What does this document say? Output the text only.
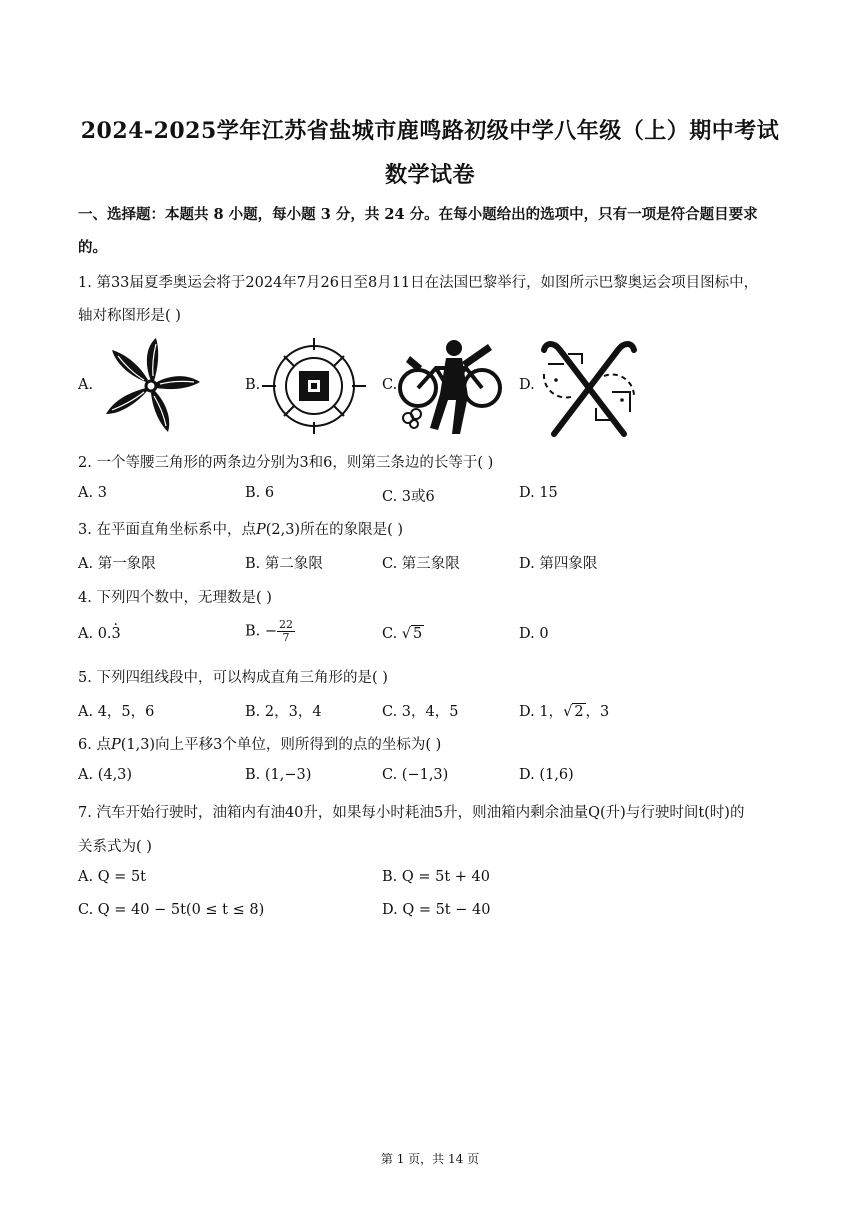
2024-2025学年江苏省盐城市鹿鸣路初级中学八年级（上）期中考试
数学试卷
一、选择题：本题共 8 小题，每小题 3 分，共 24 分。在每小题给出的选项中，只有一项是符合题目要求
的。
1. 第33届夏季奥运会将于2024年7月26日至8月11日在法国巴黎举行，如图所示巴黎奥运会项目图标中，
轴对称图形是( )
A.	B.	C.	D.
2. 一个等腰三角形的两条边分别为3和6，则第三条边的长等于( )
A. 3	B. 6	C. 3或6	D. 15
3. 在平面直角坐标系中，点P(2,3)所在的象限是( )
A. 第一象限	B. 第二象限	C. 第三象限	D. 第四象限
4. 下列四个数中，无理数是( )
A. 0.3 ·	B. − $\frac{22}{7}$	C. √ 5	D. 0
5. 下列四组线段中，可以构成直角三角形的是( )
A. 4，5，6	B. 2，3，4	C. 3，4，5	D. 1，√ 2 ，3
6. 点P(1,3)向上平移3个单位，则所得到的点的坐标为( )
A. (4,3)	B. (1,−3)	C. (−1,3)	D. (1,6)
7. 汽车开始行驶时，油箱内有油40升，如果每小时耗油5升，则油箱内剩余油量Q(升)与行驶时间t(时)的
关系式为( )
A. Q = 5t	B. Q = 5t + 40
C. Q = 40 − 5t(0 ≤ t ≤ 8)	D. Q = 5t − 40
第 1 页，共 14 页
